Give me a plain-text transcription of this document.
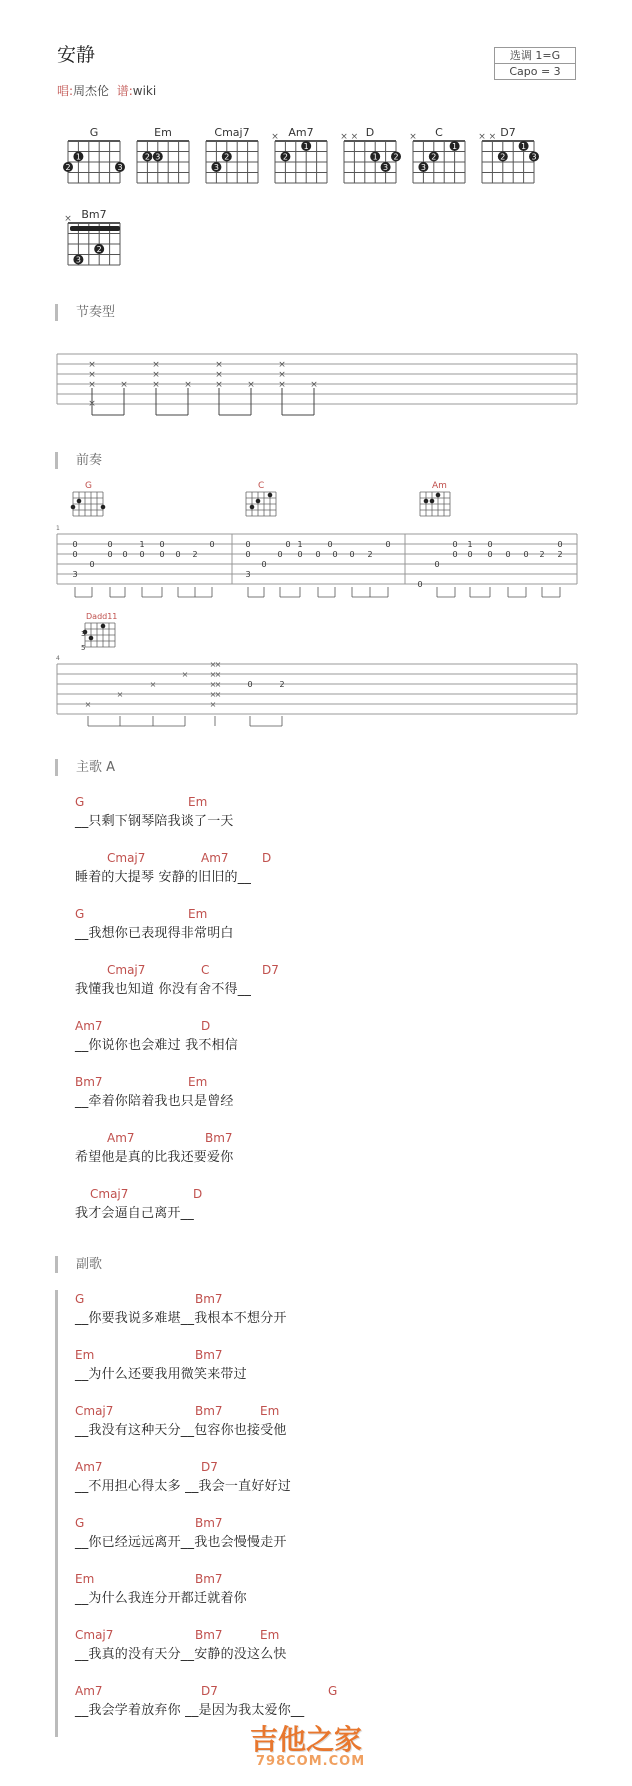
安静
唱:周杰伦 谱:wiki
选调 1=G
Capo = 3
G
2
1
3
Em
2 3
Cmaj7
3
2
Am7
×
2
1
D
× ×
1
3
2
C
×
3
2
1
D7
× ×
2
1
3
Bm7
×
3
2
节奏型
×
×
×	×
×
×
×	×
×
×
×	×
×
×
×	×
×
前奏
G	C	Am
1
0	0	1 0	0
0	0 0 0 0 0 2
0
3
0	0 1	0	0
0	0 0 0 0 0 2
0
3
0 1 0	0
0 0 0 0 0 2 2
0
0
Dadd11
3
5
4
0	2
×
×
×
×
×
×
×
×
×
×
×
×
×
主歌 A
G	Em
__只剩下钢琴陪我谈了一天
Cmaj7	Am7	D
睡着的大提琴 安静的旧旧的__
G	Em
__我想你已表现得非常明白
Cmaj7	C	D7
我懂我也知道 你没有舍不得__
Am7	D
__你说你也会难过 我不相信
Bm7	Em
__牵着你陪着我也只是曾经
Am7	Bm7
希望他是真的比我还要爱你
Cmaj7	D
我才会逼自己离开__
副歌
G	Bm7
__你要我说多难堪__我根本不想分开
Em	Bm7
__为什么还要我用微笑来带过
Cmaj7	Bm7	Em
__我没有这种天分__包容你也接受他
Am7	D7
__不用担心得太多 __我会一直好好过
G	Bm7
__你已经远远离开__我也会慢慢走开
Em	Bm7
__为什么我连分开都迁就着你
Cmaj7	Bm7	Em
__我真的没有天分__安静的没这么快
Am7	D7	G
__我会学着放弃你 __是因为我太爱你__
吉他之家
798COM.COM
